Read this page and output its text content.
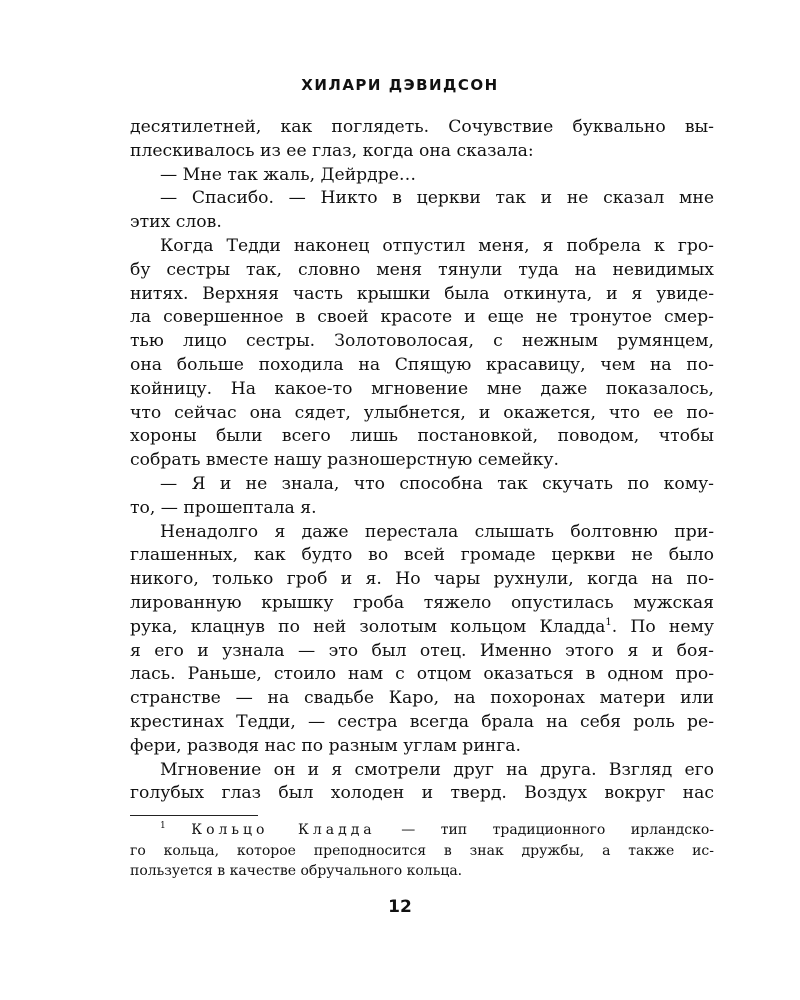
ХИЛАРИ ДЭВИДСОН
десятилетней, как поглядеть. Сочувствие буквально вы-
плескивалось из ее глаз, когда она сказала:
— Мне так жаль, Дейрдре…
— Спасибо. — Никто в церкви так и не сказал мне
этих слов.
Когда Тедди наконец отпустил меня, я побрела к гро-
бу сестры так, словно меня тянули туда на невидимых
нитях. Верхняя часть крышки была откинута, и я увиде-
ла совершенное в своей красоте и еще не тронутое смер-
тью лицо сестры. Золотоволосая, с нежным румянцем,
она больше походила на Спящую красавицу, чем на по-
койницу. На какое-то мгновение мне даже показалось,
что сейчас она сядет, улыбнется, и окажется, что ее по-
хороны были всего лишь постановкой, поводом, чтобы
собрать вместе нашу разношерстную семейку.
— Я и не знала, что способна так скучать по кому-
то, — прошептала я.
Ненадолго я даже перестала слышать болтовню при-
глашенных, как будто во всей громаде церкви не было
никого, только гроб и я. Но чары рухнули, когда на по-
лированную крышку гроба тяжело опустилась мужская
рука, клацнув по ней золотым кольцом Кладда$^1$. По нему
я его и узнала — это был отец. Именно этого я и боя-
лась. Раньше, стоило нам с отцом оказаться в одном про-
странстве — на свадьбе Каро, на похоронах матери или
крестинах Тедди, — сестра всегда брала на себя роль ре-
фери, разводя нас по разным углам ринга.
Мгновение он и я смотрели друг на друга. Взгляд его
голубых глаз был холоден и тверд. Воздух вокруг нас
$^1$ Кольцо Кладда — тип традиционного ирландско-
го кольца, которое преподносится в знак дружбы, а также ис-
пользуется в качестве обручального кольца.
12
